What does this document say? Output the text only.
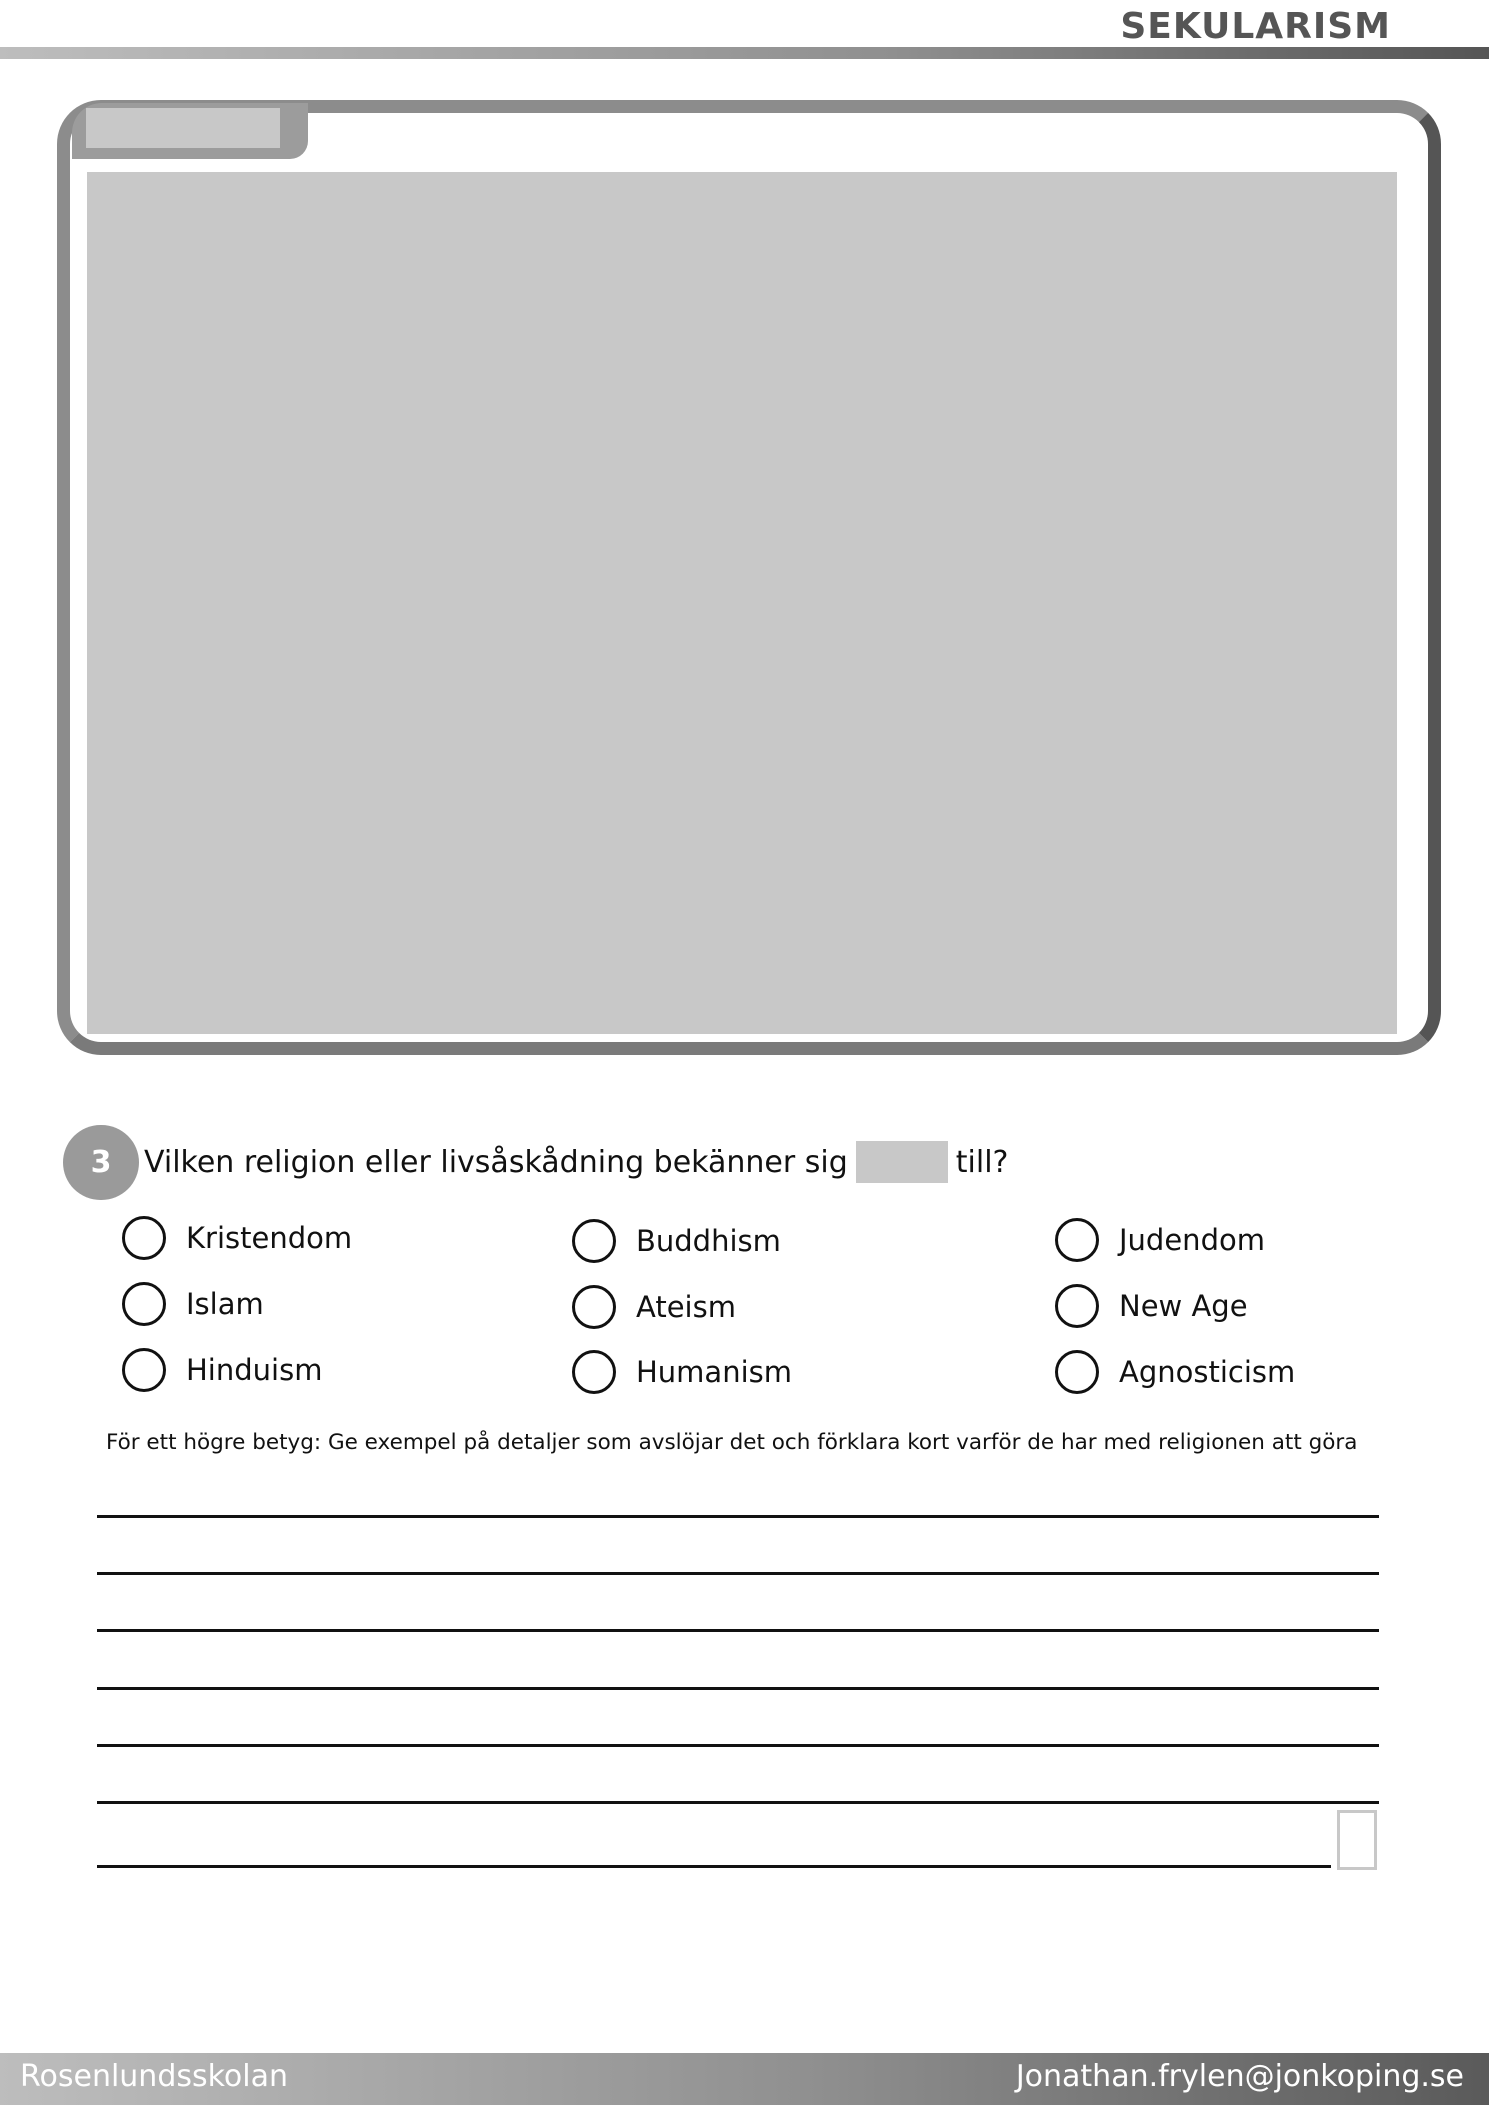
SEKULARISM
3	Vilken religion eller livsåskådning bekänner sig	till?
Kristendom
Islam
Hinduism
Buddhism
Ateism
Humanism
Judendom
New Age
Agnosticism
För ett högre betyg: Ge exempel på detaljer som avslöjar det och förklara kort varför de har med religionen att göra
Rosenlundsskolan	Jonathan.frylen@jonkoping.se
